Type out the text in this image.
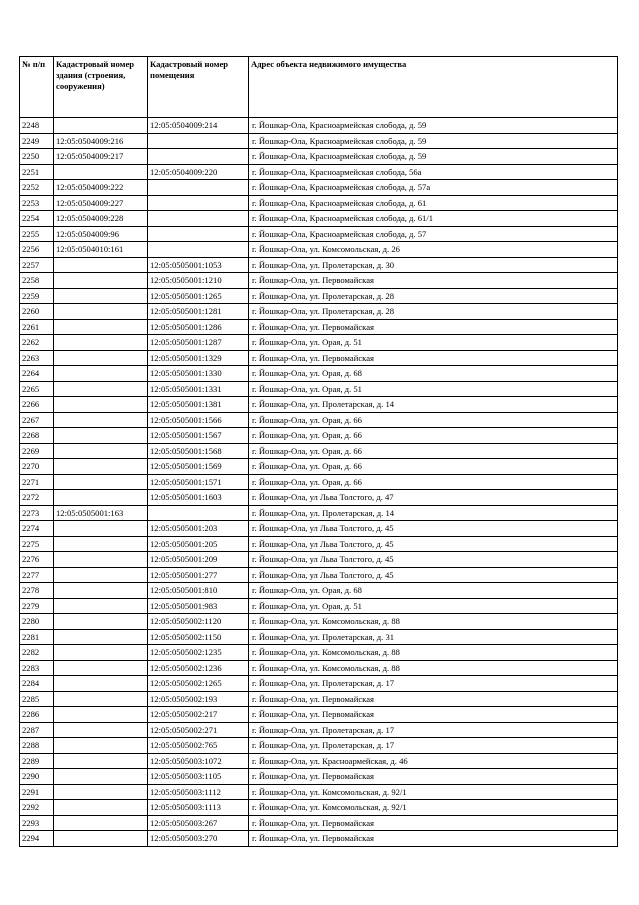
№ п/п	Кадастровый номер здания (строения, сооружения)	Кадастровый номер помещения	Адрес объекта недвижимого имущества
2248		12:05:0504009:214	г. Йошкар-Ола, Красноармейская слобода, д. 59
2249	12:05:0504009:216		г. Йошкар-Ола, Красноармейская слобода, д. 59
2250	12:05:0504009:217		г. Йошкар-Ола, Красноармейская слобода, д. 59
2251		12:05:0504009:220	г. Йошкар-Ола, Красноармейская слобода, 56а
2252	12:05:0504009:222		г. Йошкар-Ола, Красноармейская слобода, д. 57а
2253	12:05:0504009:227		г. Йошкар-Ола, Красноармейская слобода, д. 61
2254	12:05:0504009:228		г. Йошкар-Ола, Красноармейская слобода, д. 61/1
2255	12:05:0504009:96		г. Йошкар-Ола, Красноармейская слобода, д. 57
2256	12:05:0504010:161		г. Йошкар-Ола, ул. Комсомольская, д. 26
2257		12:05:0505001:1053	г. Йошкар-Ола, ул. Пролетарская, д. 30
2258		12:05:0505001:1210	г. Йошкар-Ола, ул. Первомайская
2259		12:05:0505001:1265	г. Йошкар-Ола, ул. Пролетарская, д. 28
2260		12:05:0505001:1281	г. Йошкар-Ола, ул. Пролетарская, д. 28
2261		12:05:0505001:1286	г. Йошкар-Ола, ул. Первомайская
2262		12:05:0505001:1287	г. Йошкар-Ола, ул. Орая, д. 51
2263		12:05:0505001:1329	г. Йошкар-Ола, ул. Первомайская
2264		12:05:0505001:1330	г. Йошкар-Ола, ул. Орая, д. 68
2265		12:05:0505001:1331	г. Йошкар-Ола, ул. Орая, д. 51
2266		12:05:0505001:1381	г. Йошкар-Ола, ул. Пролетарская, д. 14
2267		12:05:0505001:1566	г. Йошкар-Ола, ул. Орая, д. 66
2268		12:05:0505001:1567	г. Йошкар-Ола, ул. Орая, д. 66
2269		12:05:0505001:1568	г. Йошкар-Ола, ул. Орая, д. 66
2270		12:05:0505001:1569	г. Йошкар-Ола, ул. Орая, д. 66
2271		12:05:0505001:1571	г. Йошкар-Ола, ул. Орая, д. 66
2272		12:05:0505001:1603	г. Йошкар-Ола, ул Льва Толстого, д. 47
2273	12:05:0505001:163		г. Йошкар-Ола, ул. Пролетарская, д. 14
2274		12:05:0505001:203	г. Йошкар-Ола, ул Льва Толстого, д. 45
2275		12:05:0505001:205	г. Йошкар-Ола, ул Льва Толстого, д. 45
2276		12:05:0505001:209	г. Йошкар-Ола, ул Льва Толстого, д. 45
2277		12:05:0505001:277	г. Йошкар-Ола, ул Льва Толстого, д. 45
2278		12:05:0505001:810	г. Йошкар-Ола, ул. Орая, д. 68
2279		12:05:0505001:983	г. Йошкар-Ола, ул. Орая, д. 51
2280		12:05:0505002:1120	г. Йошкар-Ола, ул. Комсомольская, д. 88
2281		12:05:0505002:1150	г. Йошкар-Ола, ул. Пролетарская, д. 31
2282		12:05:0505002:1235	г. Йошкар-Ола, ул. Комсомольская, д. 88
2283		12:05:0505002:1236	г. Йошкар-Ола, ул. Комсомольская, д. 88
2284		12:05:0505002:1265	г. Йошкар-Ола, ул. Пролетарская, д. 17
2285		12:05:0505002:193	г. Йошкар-Ола, ул. Первомайская
2286		12:05:0505002:217	г. Йошкар-Ола, ул. Первомайская
2287		12:05:0505002:271	г. Йошкар-Ола, ул. Пролетарская, д. 17
2288		12:05:0505002:765	г. Йошкар-Ола, ул. Пролетарская, д. 17
2289		12:05:0505003:1072	г. Йошкар-Ола, ул. Красноармейская, д. 46
2290		12:05:0505003:1105	г. Йошкар-Ола, ул. Первомайская
2291		12:05:0505003:1112	г. Йошкар-Ола, ул. Комсомольская, д. 92/1
2292		12:05:0505003:1113	г. Йошкар-Ола, ул. Комсомольская, д. 92/1
2293		12:05:0505003:267	г. Йошкар-Ола, ул. Первомайская
2294		12:05:0505003:270	г. Йошкар-Ола, ул. Первомайская
